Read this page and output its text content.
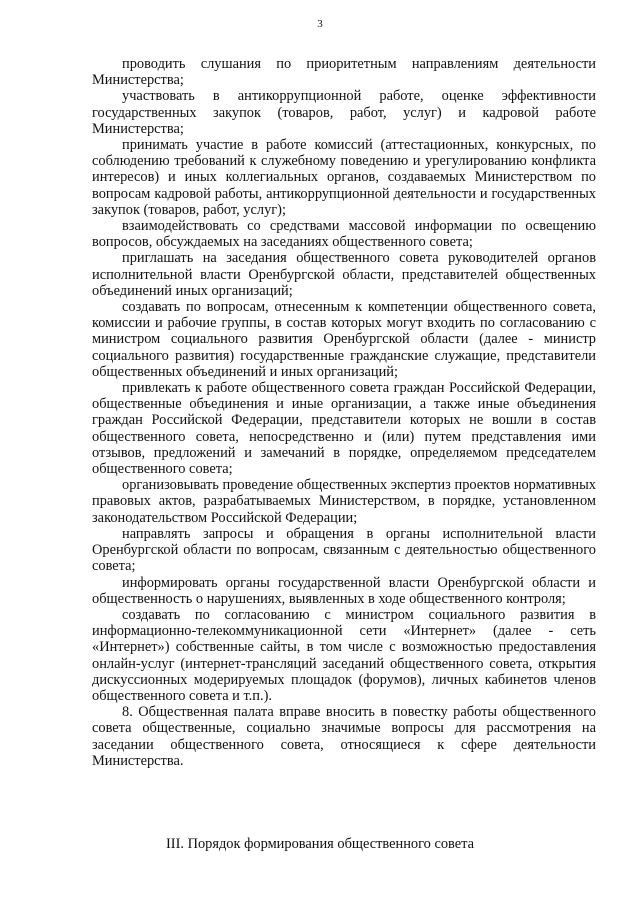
3

проводить слушания по приоритетным направлениям деятельности Министерства;

участвовать в антикоррупционной работе, оценке эффективности государственных закупок (товаров, работ, услуг) и кадровой работе Министерства;

принимать участие в работе комиссий (аттестационных, конкурсных, по соблюдению требований к служебному поведению и урегулированию конфликта интересов) и иных коллегиальных органов, создаваемых Министерством по вопросам кадровой работы, антикоррупционной деятельности и государственных закупок (товаров, работ, услуг);

взаимодействовать со средствами массовой информации по освещению вопросов, обсуждаемых на заседаниях общественного совета;

приглашать на заседания общественного совета руководителей органов исполнительной власти Оренбургской области, представителей общественных объединений иных организаций;

создавать по вопросам, отнесенным к компетенции общественного совета, комиссии и рабочие группы, в состав которых могут входить по согласованию с министром социального развития Оренбургской области (далее - министр социального развития) государственные гражданские служащие, представители общественных объединений и иных организаций;

привлекать к работе общественного совета граждан Российской Федерации, общественные объединения и иные организации, а также иные объединения граждан Российской Федерации, представители которых не вошли в состав общественного совета, непосредственно и (или) путем представления ими отзывов, предложений и замечаний в порядке, определяемом председателем общественного совета;

организовывать проведение общественных экспертиз проектов нормативных правовых актов, разрабатываемых Министерством, в порядке, установленном законодательством Российской Федерации;

направлять запросы и обращения в органы исполнительной власти Оренбургской области по вопросам, связанным с деятельностью общественного совета;

информировать органы государственной власти Оренбургской области и общественность о нарушениях, выявленных в ходе общественного контроля;

создавать по согласованию с министром социального развития в информационно-телекоммуникационной сети «Интернет» (далее - сеть «Интернет») собственные сайты, в том числе с возможностью предоставления онлайн-услуг (интернет-трансляций заседаний общественного совета, открытия дискуссионных модерируемых площадок (форумов), личных кабинетов членов общественного совета и т.п.).

8. Общественная палата вправе вносить в повестку работы общественного совета общественные, социально значимые вопросы для рассмотрения на заседании общественного совета, относящиеся к сфере деятельности Министерства.

III. Порядок формирования общественного совета
